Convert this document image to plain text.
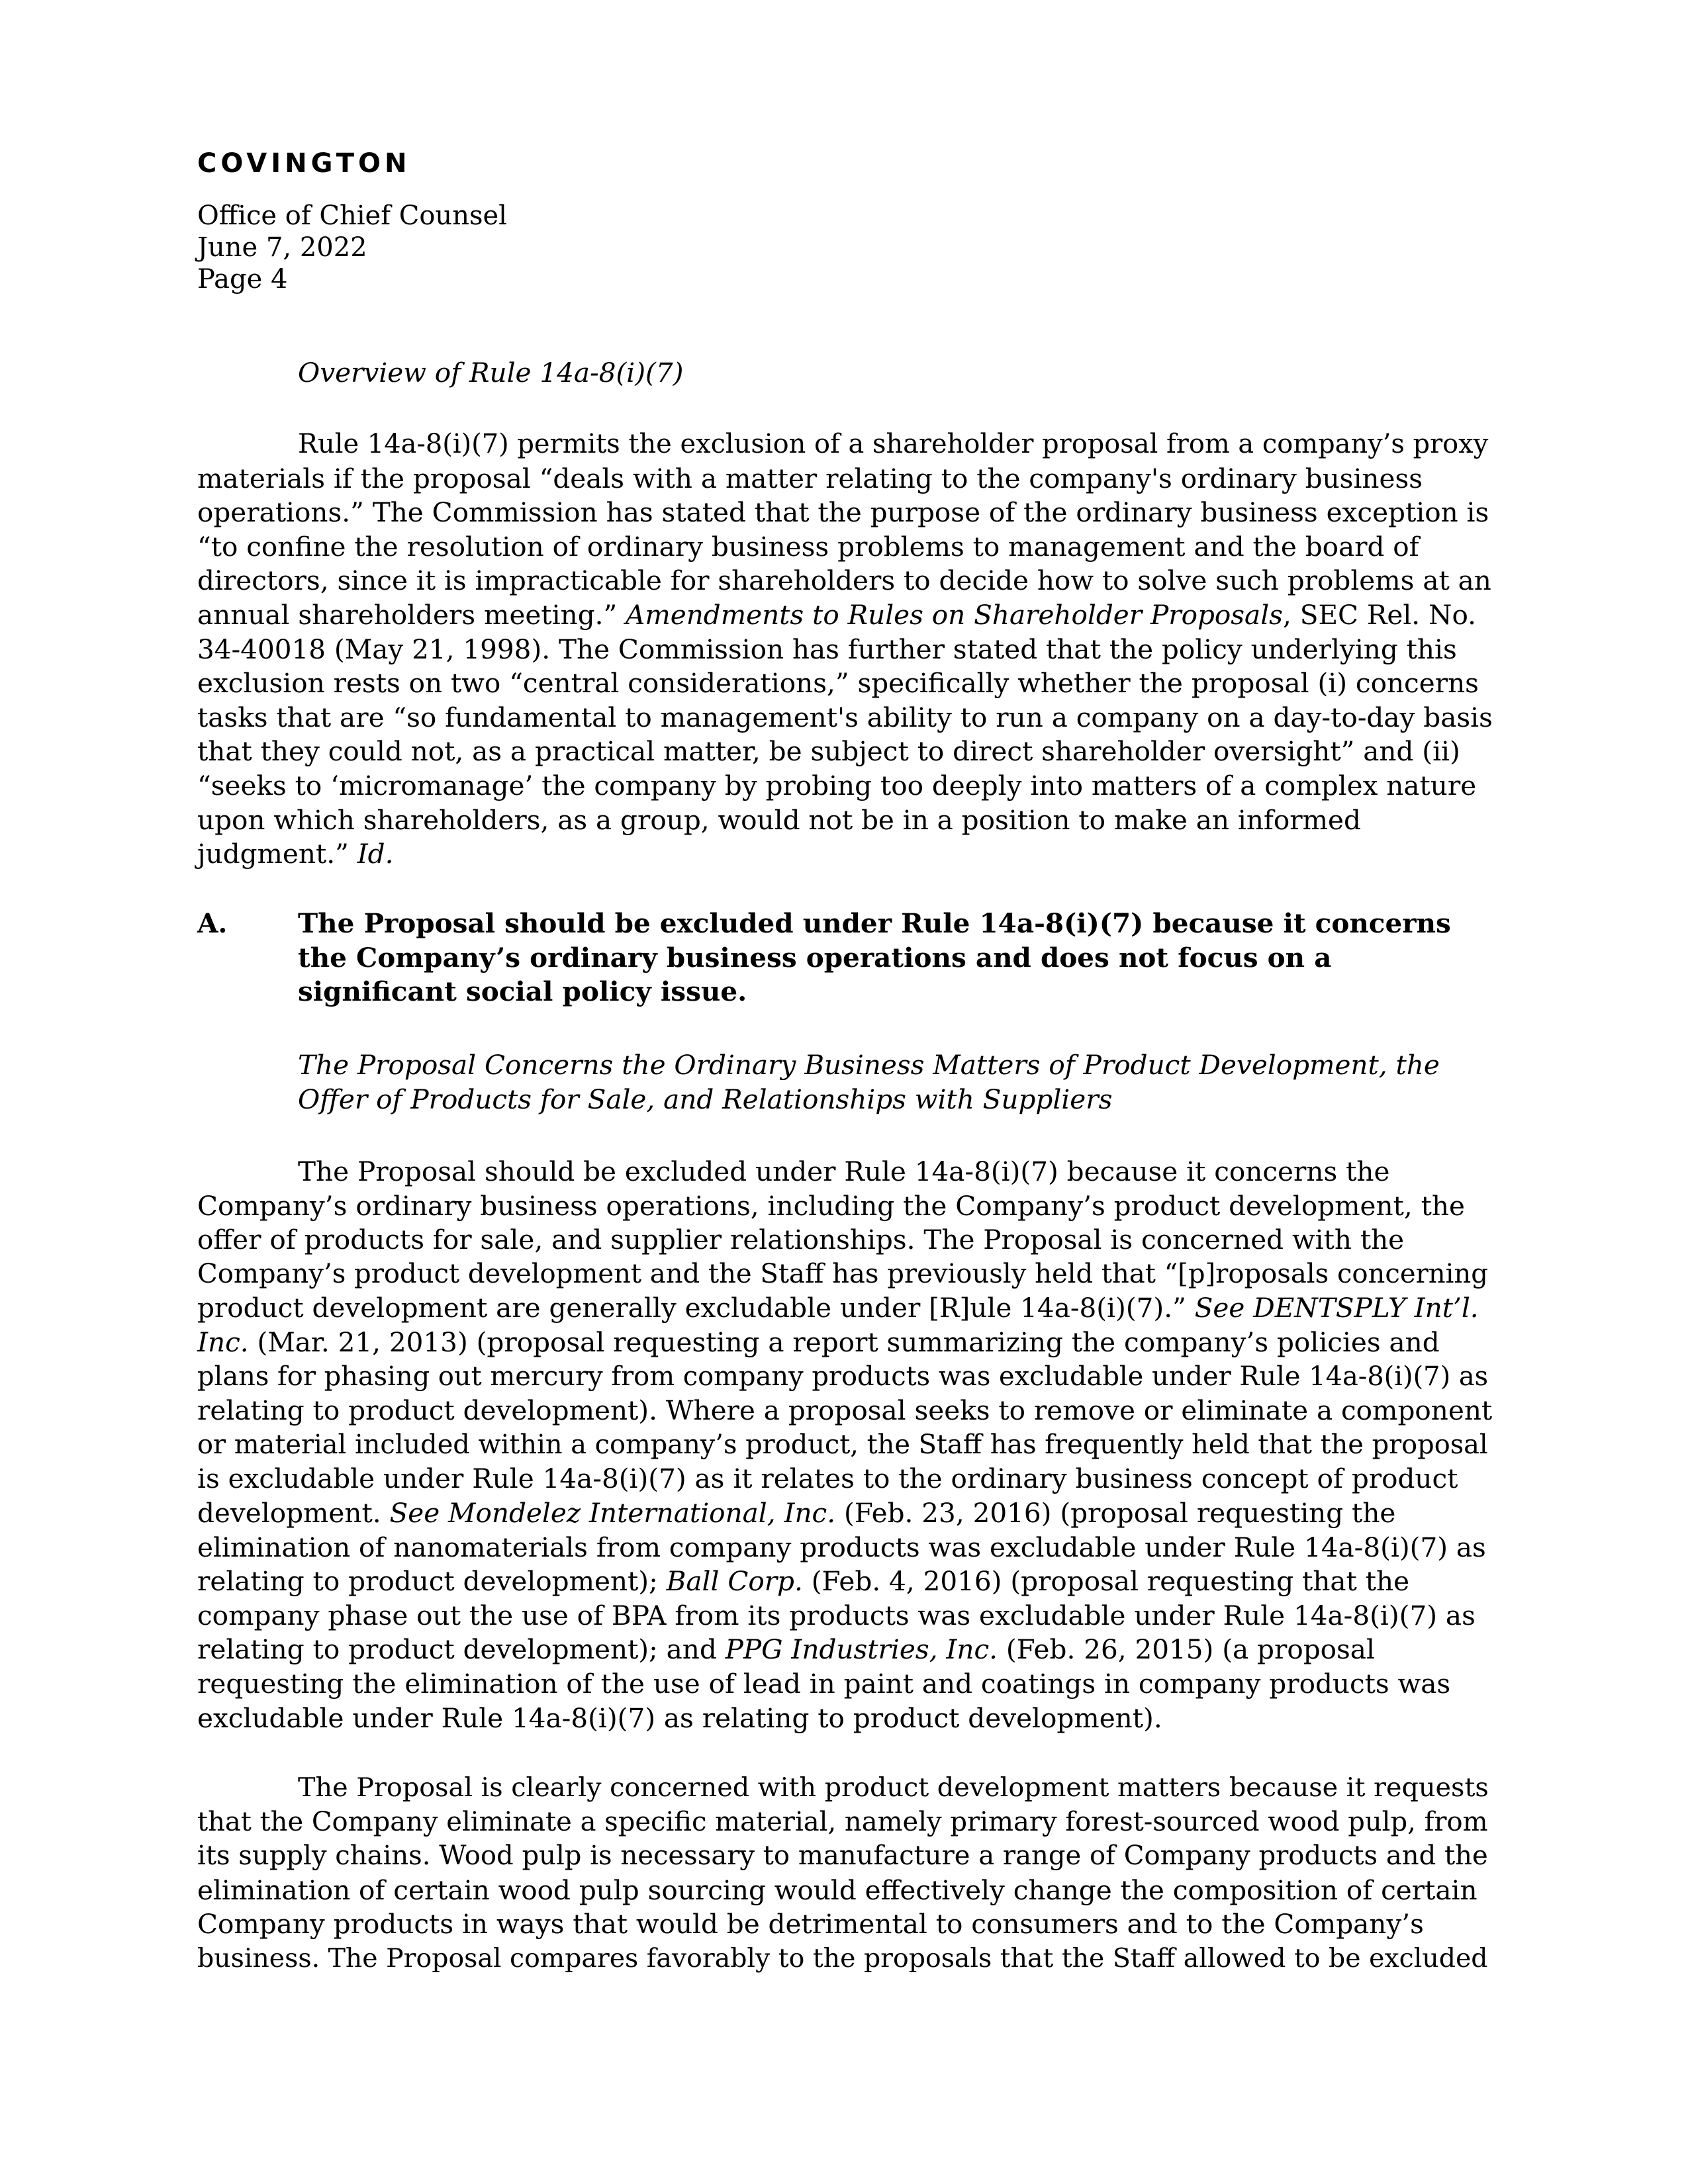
COVINGTON
Office of Chief Counsel
June 7, 2022
Page 4
Overview of Rule 14a-8(i)(7)
Rule 14a-8(i)(7) permits the exclusion of a shareholder proposal from a company’s proxy
materials if the proposal “deals with a matter relating to the company's ordinary business
operations.” The Commission has stated that the purpose of the ordinary business exception is
“to confine the resolution of ordinary business problems to management and the board of
directors, since it is impracticable for shareholders to decide how to solve such problems at an
annual shareholders meeting.” Amendments to Rules on Shareholder Proposals, SEC Rel. No.
34-40018 (May 21, 1998). The Commission has further stated that the policy underlying this
exclusion rests on two “central considerations,” specifically whether the proposal (i) concerns
tasks that are “so fundamental to management's ability to run a company on a day-to-day basis
that they could not, as a practical matter, be subject to direct shareholder oversight” and (ii)
“seeks to ‘micromanage’ the company by probing too deeply into matters of a complex nature
upon which shareholders, as a group, would not be in a position to make an informed
judgment.” Id.
A.	The Proposal should be excluded under Rule 14a-8(i)(7) because it concerns
the Company’s ordinary business operations and does not focus on a
significant social policy issue.
The Proposal Concerns the Ordinary Business Matters of Product Development, the
Offer of Products for Sale, and Relationships with Suppliers
The Proposal should be excluded under Rule 14a-8(i)(7) because it concerns the
Company’s ordinary business operations, including the Company’s product development, the
offer of products for sale, and supplier relationships. The Proposal is concerned with the
Company’s product development and the Staff has previously held that “[p]roposals concerning
product development are generally excludable under [R]ule 14a-8(i)(7).” See DENTSPLY Int’l.
Inc. (Mar. 21, 2013) (proposal requesting a report summarizing the company’s policies and
plans for phasing out mercury from company products was excludable under Rule 14a-8(i)(7) as
relating to product development). Where a proposal seeks to remove or eliminate a component
or material included within a company’s product, the Staff has frequently held that the proposal
is excludable under Rule 14a-8(i)(7) as it relates to the ordinary business concept of product
development. See Mondelez International, Inc. (Feb. 23, 2016) (proposal requesting the
elimination of nanomaterials from company products was excludable under Rule 14a-8(i)(7) as
relating to product development); Ball Corp. (Feb. 4, 2016) (proposal requesting that the
company phase out the use of BPA from its products was excludable under Rule 14a-8(i)(7) as
relating to product development); and PPG Industries, Inc. (Feb. 26, 2015) (a proposal
requesting the elimination of the use of lead in paint and coatings in company products was
excludable under Rule 14a-8(i)(7) as relating to product development).
The Proposal is clearly concerned with product development matters because it requests
that the Company eliminate a specific material, namely primary forest-sourced wood pulp, from
its supply chains. Wood pulp is necessary to manufacture a range of Company products and the
elimination of certain wood pulp sourcing would effectively change the composition of certain
Company products in ways that would be detrimental to consumers and to the Company’s
business. The Proposal compares favorably to the proposals that the Staff allowed to be excluded
